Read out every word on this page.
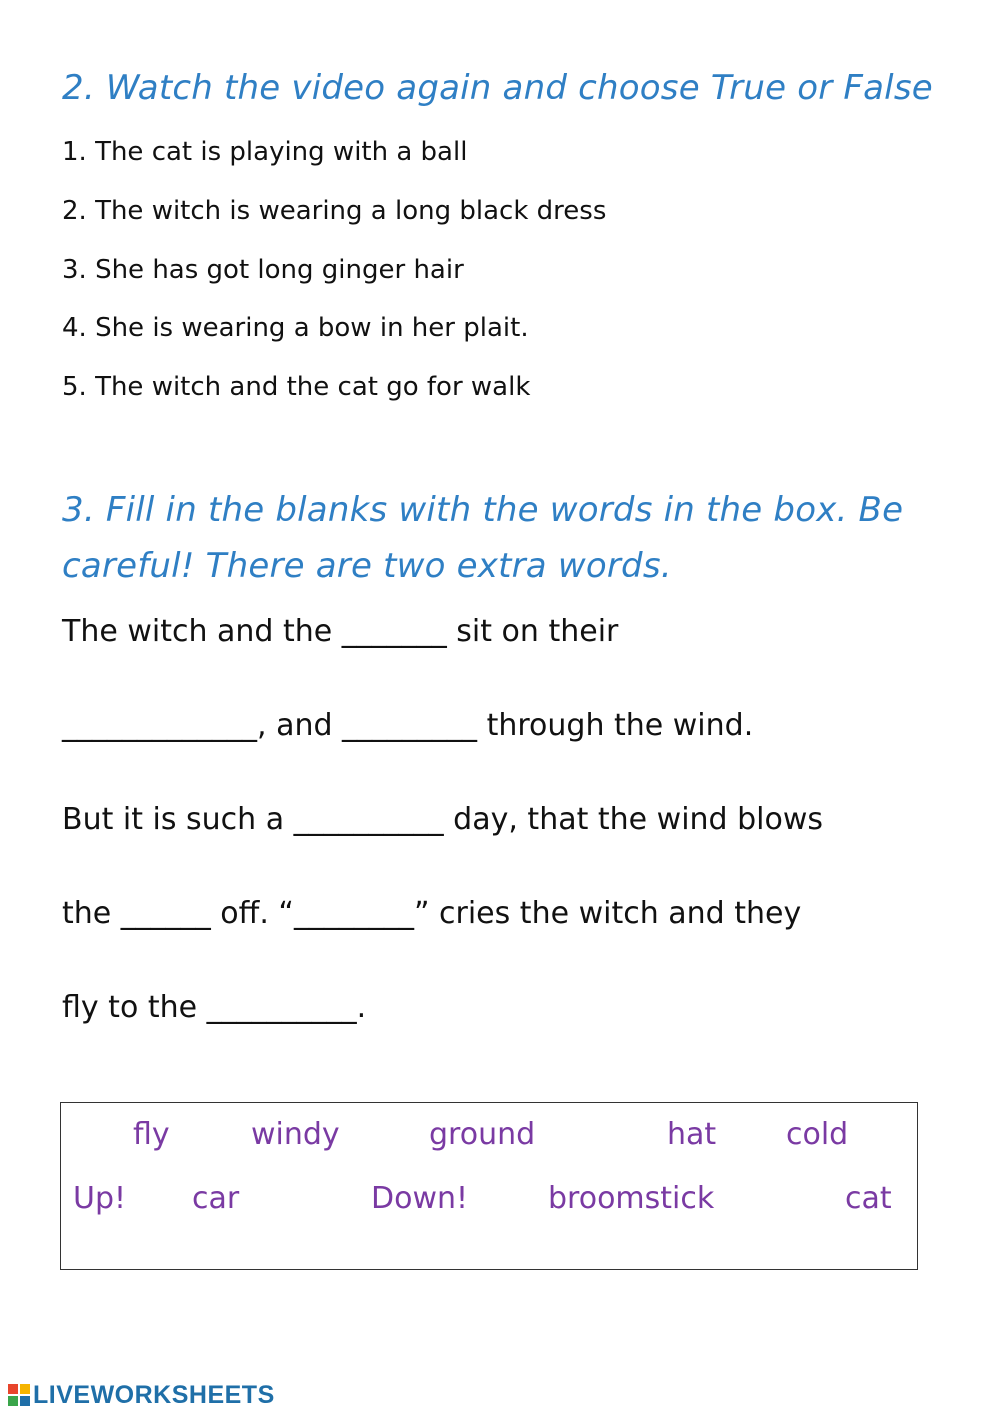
2. Watch the video again and choose True or False
1. The cat is playing with a ball
2. The witch is wearing a long black dress
3. She has got long ginger hair
4. She is wearing a bow in her plait.
5. The witch and the cat go for walk
3. Fill in the blanks with the words in the box. Be careful! There are two extra words.
The witch and the _______ sit on their
_____________, and _________ through the wind.
But it is such a __________ day, that the wind blows
the ______ off. “________” cries the witch and they
fly to the __________.
fly	windy	ground	hat cold
Up! car	Down!	broomstick	cat
LIVEWORKSHEETS
